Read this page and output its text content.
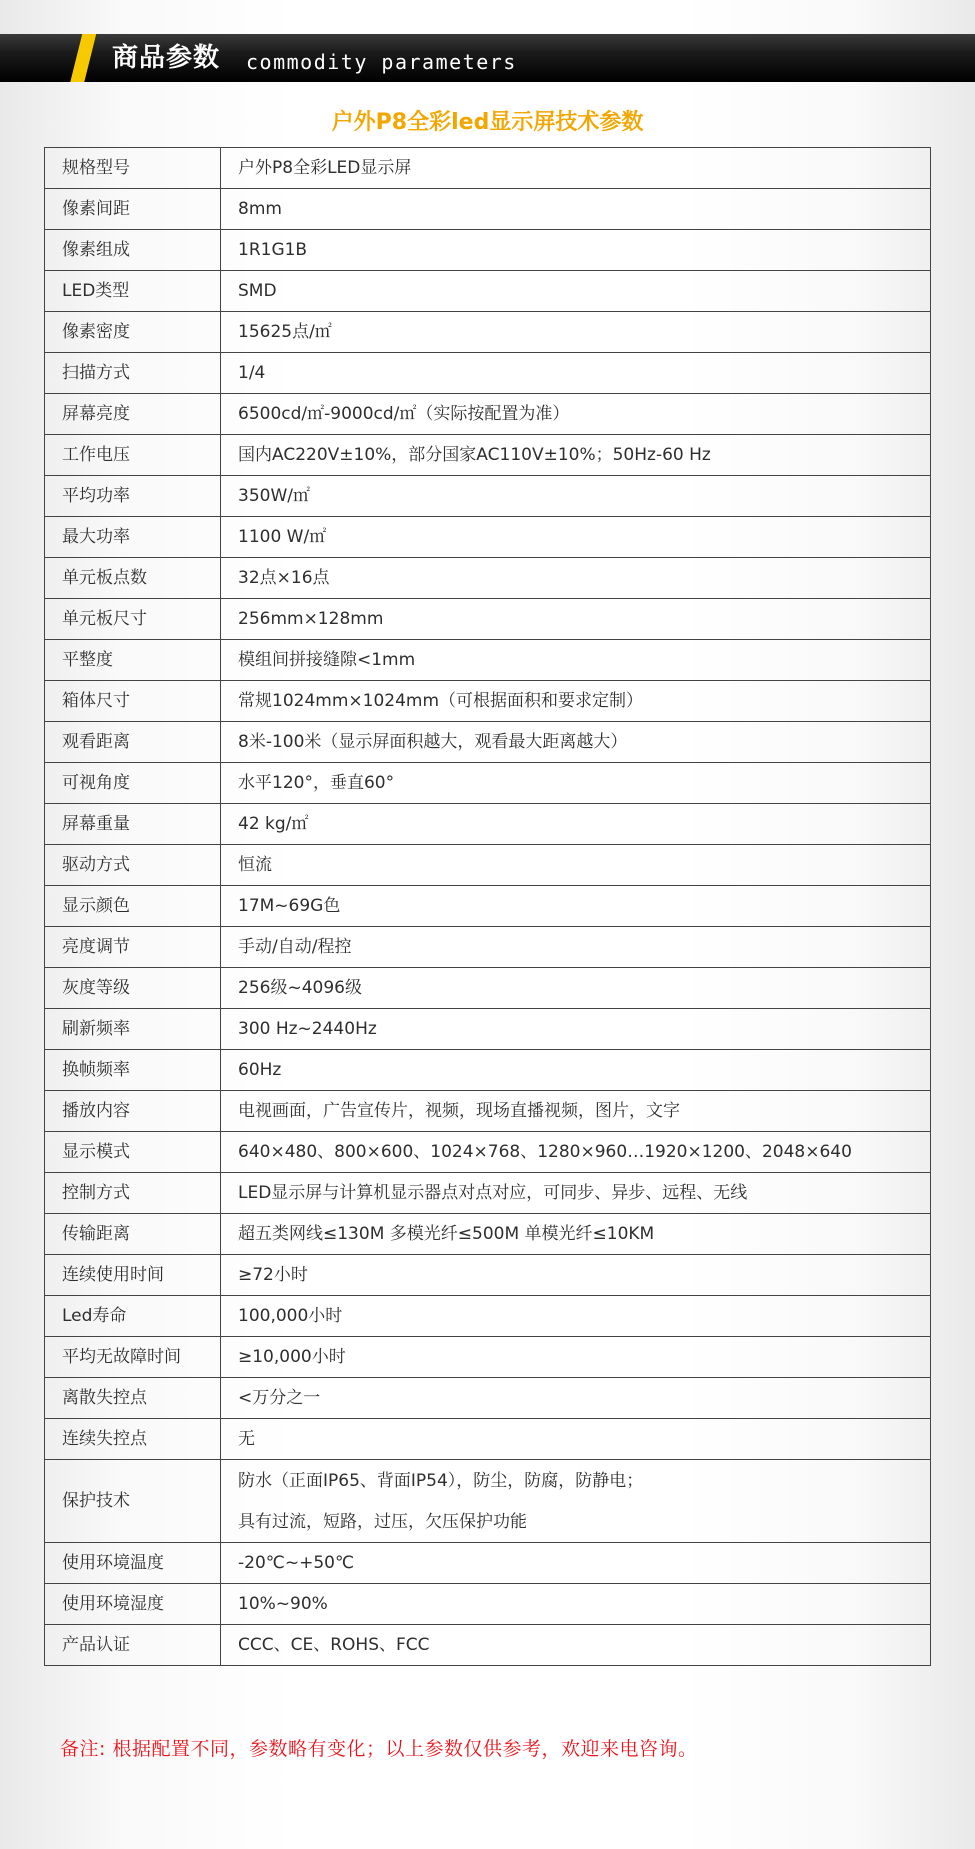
商品参数 commodity parameters
户外P8全彩led显示屏技术参数
规格型号	户外P8全彩LED显示屏
像素间距	8mm
像素组成	1R1G1B
LED类型	SMD
像素密度	15625点/㎡
扫描方式	1/4
屏幕亮度	6500cd/㎡-9000cd/㎡（实际按配置为准）
工作电压	国内AC220V±10%，部分国家AC110V±10%；50Hz-60 Hz
平均功率	350W/㎡
最大功率	1100 W/㎡
单元板点数	32点×16点
单元板尺寸	256mm×128mm
平整度	模组间拼接缝隙<1mm
箱体尺寸	常规1024mm×1024mm（可根据面积和要求定制）
观看距离	8米-100米（显示屏面积越大，观看最大距离越大）
可视角度	水平120°，垂直60°
屏幕重量	42 kg/㎡
驱动方式	恒流
显示颜色	17M~69G色
亮度调节	手动/自动/程控
灰度等级	256级~4096级
刷新频率	300 Hz~2440Hz
换帧频率	60Hz
播放内容	电视画面，广告宣传片，视频，现场直播视频，图片，文字
显示模式	640×480、800×600、1024×768、1280×960…1920×1200、2048×640
控制方式	LED显示屏与计算机显示器点对点对应，可同步、异步、远程、无线
传输距离	超五类网线≤130M 多模光纤≤500M 单模光纤≤10KM
连续使用时间	≥72小时
Led寿命	100,000小时
平均无故障时间	≥10,000小时
离散失控点	<万分之一
连续失控点	无
保护技术	防水（正面IP65、背面IP54），防尘，防腐，防静电；
具有过流，短路，过压，欠压保护功能

使用环境温度	-20℃~+50℃
使用环境湿度	10%~90%
产品认证	CCC、CE、ROHS、FCC
备注: 根据配置不同，参数略有变化；以上参数仅供参考，欢迎来电咨询。
